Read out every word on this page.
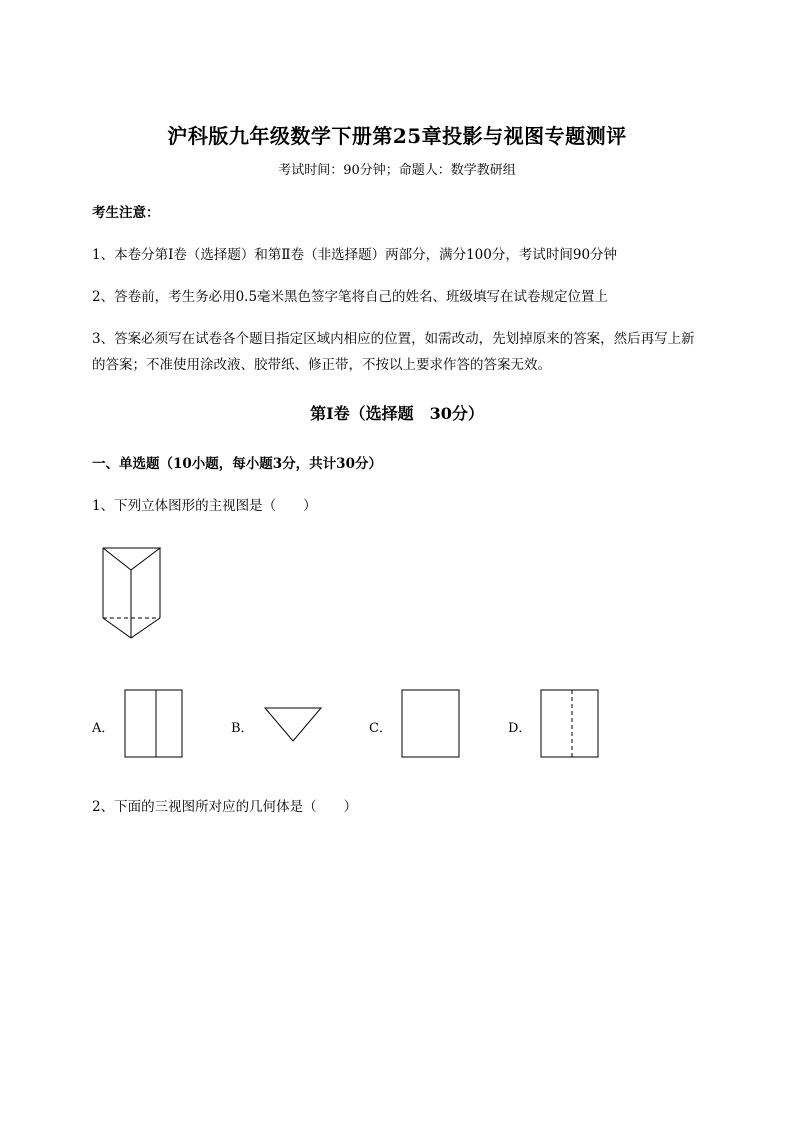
沪科版九年级数学下册第25章投影与视图专题测评
考试时间：90分钟；命题人：数学教研组
考生注意：
1、本卷分第I卷（选择题）和第Ⅱ卷（非选择题）两部分，满分100分，考试时间90分钟
2、答卷前，考生务必用0.5毫米黑色签字笔将自己的姓名、班级填写在试卷规定位置上
3、答案必须写在试卷各个题目指定区域内相应的位置，如需改动，先划掉原来的答案，然后再写上新
的答案；不准使用涂改液、胶带纸、修正带，不按以上要求作答的答案无效。
第I卷（选择题　30分）
一、单选题（10小题，每小题3分，共计30分）
1、下列立体图形的主视图是（　　）
A．	B．	C．	D．
2、下面的三视图所对应的几何体是（　　）
